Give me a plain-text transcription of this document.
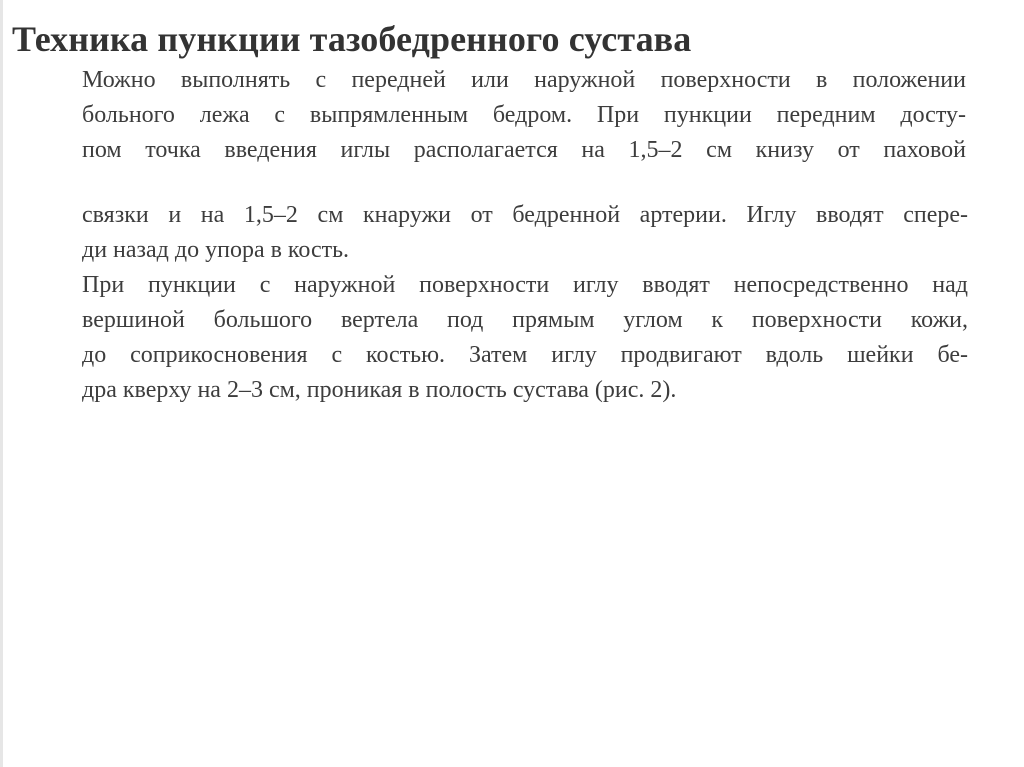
Техника пункции тазобедренного сустава

Можно выполнять с передней или наружной поверхности в положении
больного лежа с выпрямленным бедром. При пункции передним досту-
пом точка введения иглы располагается на 1,5–2 см книзу от паховой

связки и на 1,5–2 см кнаружи от бедренной артерии. Иглу вводят спере-
ди назад до упора в кость.
При пункции с наружной поверхности иглу вводят непосредственно над
вершиной большого вертела под прямым углом к поверхности кожи,
до соприкосновения с костью. Затем иглу продвигают вдоль шейки бе-
дра кверху на 2–3 см, проникая в полость сустава (рис. 2).
